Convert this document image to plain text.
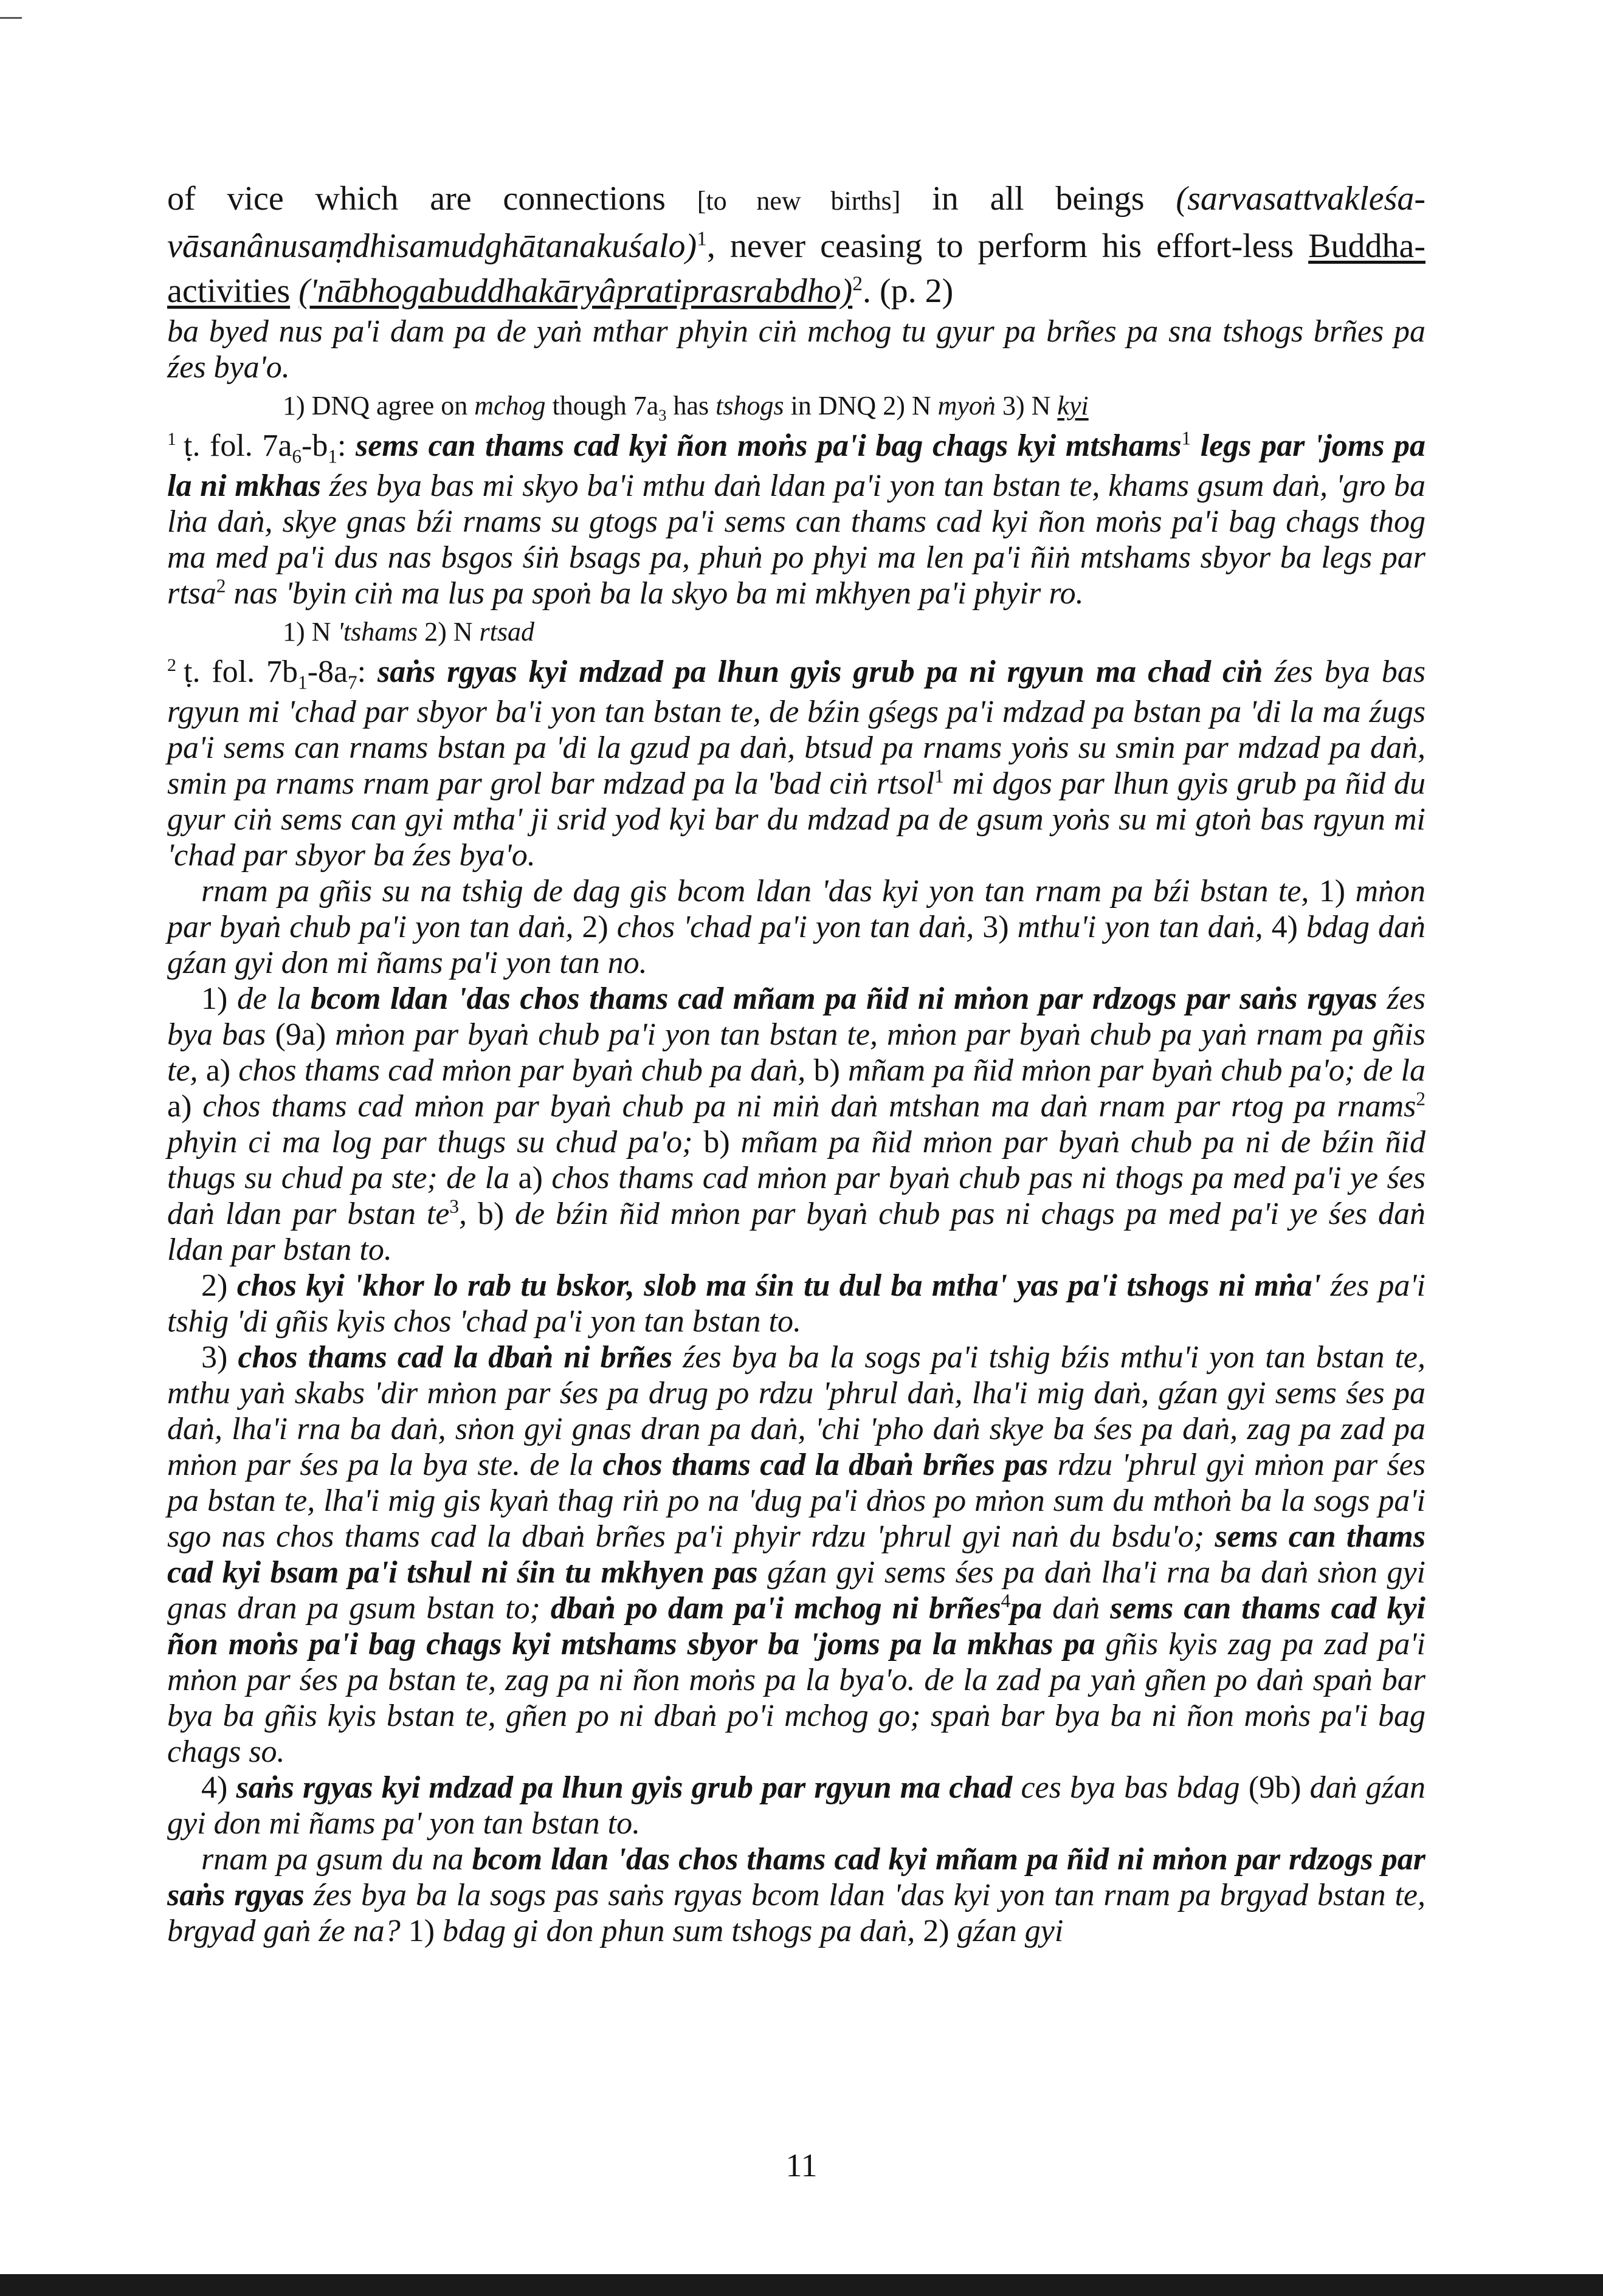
of vice which are connections [to new births] in all beings (sarvasattvakleśa-vāsanânusaṃdhisamudghātanakuśalo)$^1$, never ceasing to perform his effort-less Buddha-activities ('nābhogabuddhakāryâpratiprasrabdho)$^2$. (p. 2)

ba byed nus pa'i dam pa de yaṅ mthar phyin ciṅ mchog tu gyur pa brñes pa sna tshogs brñes pa źes bya'o.

1) DNQ agree on mchog though $7a_3$ has tshogs in DNQ 2) N myoṅ 3) N kyi

$^1$ ṭ. fol. $7a_6-b_1$: sems can thams cad kyi ñon moṅs pa'i bag chags kyi mtshams$^1$ legs par 'joms pa la ni mkhas źes bya bas mi skyo ba'i mthu daṅ ldan pa'i yon tan bstan te, khams gsum daṅ, 'gro ba lṅa daṅ, skye gnas bźi rnams su gtogs pa'i sems can thams cad kyi ñon moṅs pa'i bag chags thog ma med pa'i dus nas bsgos śiṅ bsags pa, phuṅ po phyi ma len pa'i ñiṅ mtshams sbyor ba legs par rtsa$^2$ nas 'byin ciṅ ma lus pa spoṅ ba la skyo ba mi mkhyen pa'i phyir ro.

1) N 'tshams 2) N rtsad

$^2$ ṭ. fol. $7b_1-8a_7$: saṅs rgyas kyi mdzad pa lhun gyis grub pa ni rgyun ma chad ciṅ źes bya bas rgyun mi 'chad par sbyor ba'i yon tan bstan te, de bźin gśegs pa'i mdzad pa bstan pa 'di la ma źugs pa'i sems can rnams bstan pa 'di la gzud pa daṅ, btsud pa rnams yoṅs su smin par mdzad pa daṅ, smin pa rnams rnam par grol bar mdzad pa la 'bad ciṅ rtsol$^1$ mi dgos par lhun gyis grub pa ñid du gyur ciṅ sems can gyi mtha' ji srid yod kyi bar du mdzad pa de gsum yoṅs su mi gtoṅ bas rgyun mi 'chad par sbyor ba źes bya'o.

rnam pa gñis su na tshig de dag gis bcom ldan 'das kyi yon tan rnam pa bźi bstan te, 1) mṅon par byaṅ chub pa'i yon tan daṅ, 2) chos 'chad pa'i yon tan daṅ, 3) mthu'i yon tan daṅ, 4) bdag daṅ gźan gyi don mi ñams pa'i yon tan no.

1) de la bcom ldan 'das chos thams cad mñam pa ñid ni mṅon par rdzogs par saṅs rgyas źes bya bas (9a) mṅon par byaṅ chub pa'i yon tan bstan te, mṅon par byaṅ chub pa yaṅ rnam pa gñis te, a) chos thams cad mṅon par byaṅ chub pa daṅ, b) mñam pa ñid mṅon par byaṅ chub pa'o; de la a) chos thams cad mṅon par byaṅ chub pa ni miṅ daṅ mtshan ma daṅ rnam par rtog pa rnams$^2$ phyin ci ma log par thugs su chud pa'o; b) mñam pa ñid mṅon par byaṅ chub pa ni de bźin ñid thugs su chud pa ste; de la a) chos thams cad mṅon par byaṅ chub pas ni thogs pa med pa'i ye śes daṅ ldan par bstan $te^3$, b) de bźin ñid mṅon par byaṅ chub pas ni chags pa med pa'i ye śes daṅ ldan par bstan to.

2) chos kyi 'khor lo rab tu bskor, slob ma śin tu dul ba mtha' yas pa'i tshogs ni mṅa' źes pa'i tshig 'di gñis kyis chos 'chad pa'i yon tan bstan to.

3) chos thams cad la dbaṅ ni brñes źes bya ba la sogs pa'i tshig bźis mthu'i yon tan bstan te, mthu yaṅ skabs 'dir mṅon par śes pa drug po rdzu 'phrul daṅ, lha'i mig daṅ, gźan gyi sems śes pa daṅ, lha'i rna ba daṅ, sṅon gyi gnas dran pa daṅ, 'chi 'pho daṅ skye ba śes pa daṅ, zag pa zad pa mṅon par śes pa la bya ste. de la chos thams cad la dbaṅ brñes pas rdzu 'phrul gyi mṅon par śes pa bstan te, lha'i mig gis kyaṅ thag riṅ po na 'dug pa'i dṅos po mṅon sum du mthoṅ ba la sogs pa'i sgo nas chos thams cad la dbaṅ brñes pa'i phyir rdzu 'phrul gyi naṅ du bsdu'o; sems can thams cad kyi bsam pa'i tshul ni śin tu mkhyen pas gźan gyi sems śes pa daṅ lha'i rna ba daṅ sṅon gyi gnas dran pa gsum bstan to; dbaṅ po dam pa'i mchog ni brñes$^4$pa daṅ sems can thams cad kyi ñon moṅs pa'i bag chags kyi mtshams sbyor ba 'joms pa la mkhas pa gñis kyis zag pa zad pa'i mṅon par śes pa bstan te, zag pa ni ñon moṅs pa la bya'o. de la zad pa yaṅ gñen po daṅ spaṅ bar bya ba gñis kyis bstan te, gñen po ni dbaṅ po'i mchog go; spaṅ bar bya ba ni ñon moṅs pa'i bag chags so.

4) saṅs rgyas kyi mdzad pa lhun gyis grub par rgyun ma chad ces bya bas bdag (9b) daṅ gźan gyi don mi ñams pa' yon tan bstan to.

rnam pa gsum du na bcom ldan 'das chos thams cad kyi mñam pa ñid ni mṅon par rdzogs par saṅs rgyas źes bya ba la sogs pas saṅs rgyas bcom ldan 'das kyi yon tan rnam pa brgyad bstan te, brgyad gaṅ źe na? 1) bdag gi don phun sum tshogs pa daṅ, 2) gźan gyi

11
